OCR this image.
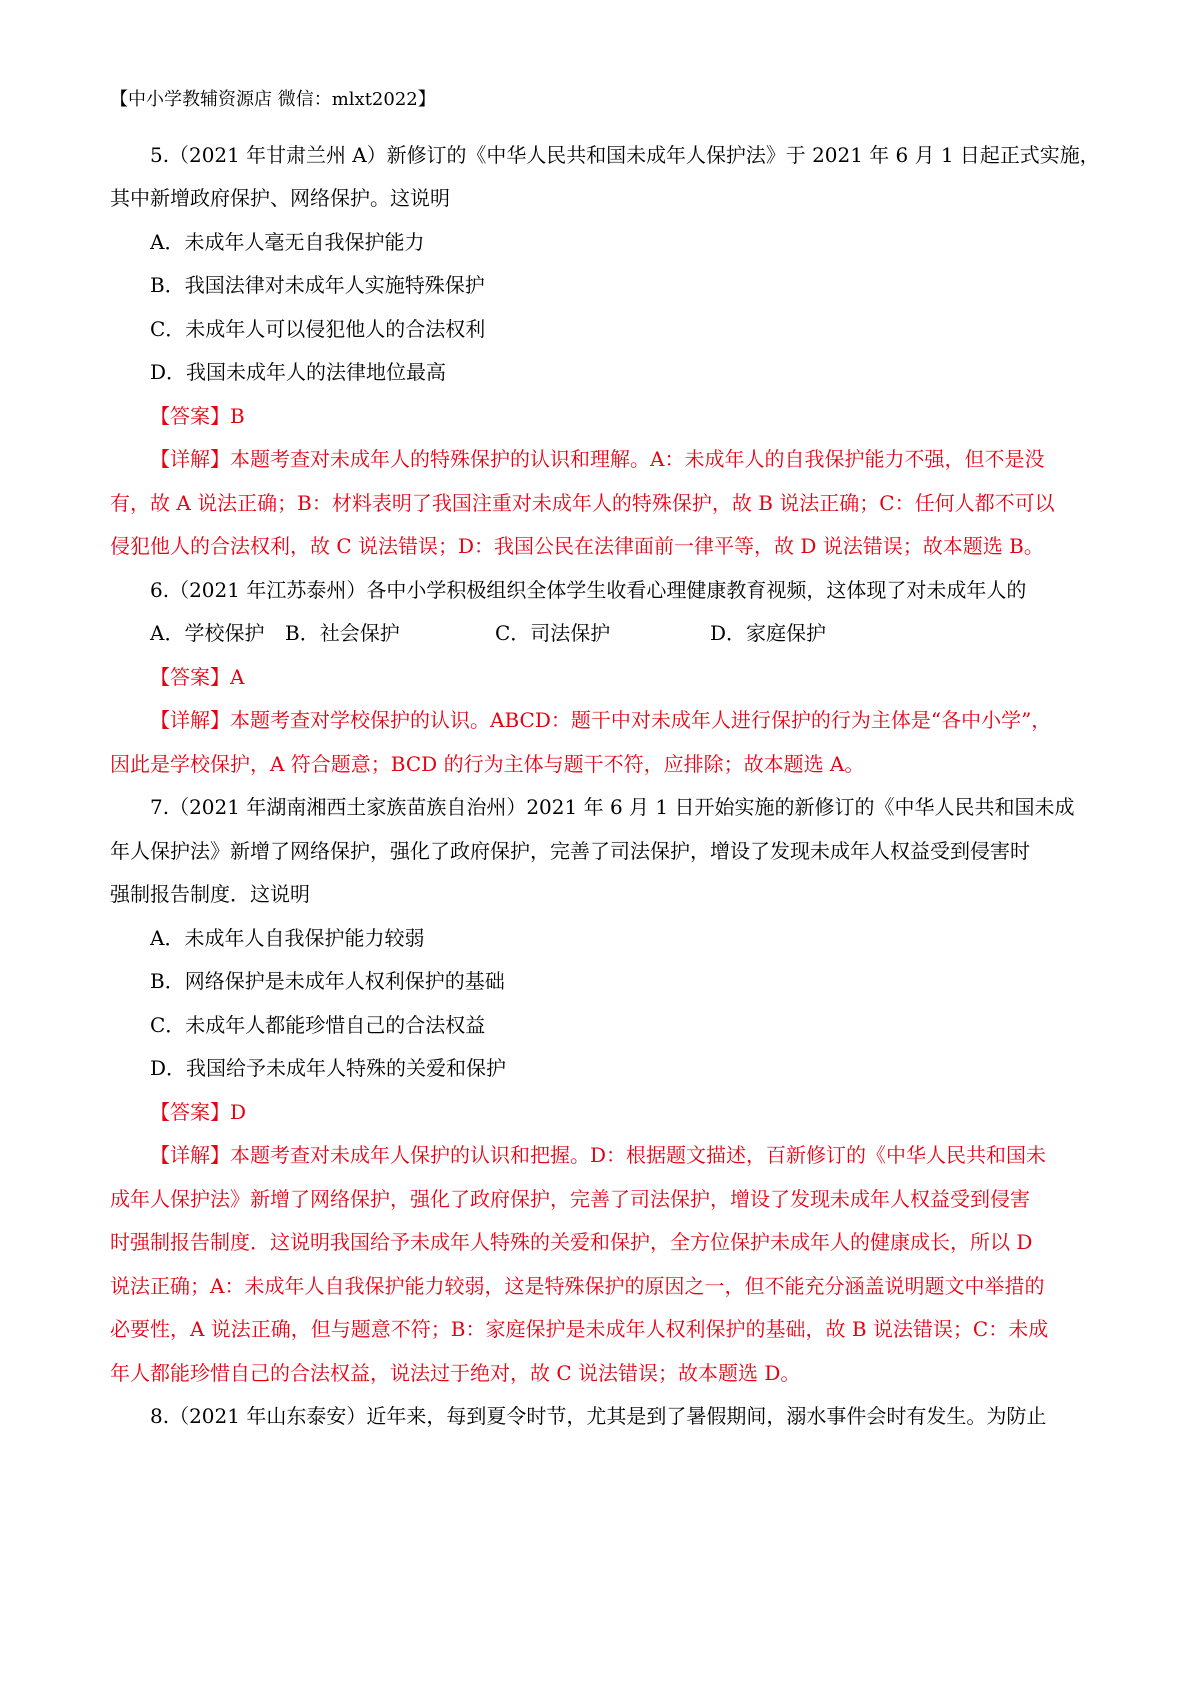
【中小学教辅资源店 微信：mlxt2022】
5.（2021 年甘肃兰州 A）新修订的《中华人民共和国未成年人保护法》于 2021 年 6 月 1 日起正式实施，
其中新增政府保护、网络保护。这说明
A．未成年人毫无自我保护能力
B．我国法律对未成年人实施特殊保护
C．未成年人可以侵犯他人的合法权利
D．我国未成年人的法律地位最高
【答案】B
【详解】本题考查对未成年人的特殊保护的认识和理解。A：未成年人的自我保护能力不强，但不是没
有，故 A 说法正确；B：材料表明了我国注重对未成年人的特殊保护，故 B 说法正确；C：任何人都不可以
侵犯他人的合法权利，故 C 说法错误；D：我国公民在法律面前一律平等，故 D 说法错误；故本题选 B。
6.（2021 年江苏泰州）各中小学积极组织全体学生收看心理健康教育视频，这体现了对未成年人的
A．学校保护	B．社会保护	C．司法保护	D．家庭保护
【答案】A
【详解】本题考查对学校保护的认识。ABCD：题干中对未成年人进行保护的行为主体是“各中小学”，
因此是学校保护，A 符合题意；BCD 的行为主体与题干不符，应排除；故本题选 A。
7.（2021 年湖南湘西土家族苗族自治州）2021 年 6 月 1 日开始实施的新修订的《中华人民共和国未成
年人保护法》新增了网络保护，强化了政府保护，完善了司法保护，增设了发现未成年人权益受到侵害时
强制报告制度．这说明
A．未成年人自我保护能力较弱
B．网络保护是未成年人权利保护的基础
C．未成年人都能珍惜自己的合法权益
D．我国给予未成年人特殊的关爱和保护
【答案】D
【详解】本题考查对未成年人保护的认识和把握。D：根据题文描述，百新修订的《中华人民共和国未
成年人保护法》新增了网络保护，强化了政府保护，完善了司法保护，增设了发现未成年人权益受到侵害
时强制报告制度．这说明我国给予未成年人特殊的关爱和保护，全方位保护未成年人的健康成长，所以 D
说法正确；A：未成年人自我保护能力较弱，这是特殊保护的原因之一，但不能充分涵盖说明题文中举措的
必要性，A 说法正确，但与题意不符；B：家庭保护是未成年人权利保护的基础，故 B 说法错误；C：未成
年人都能珍惜自己的合法权益，说法过于绝对，故 C 说法错误；故本题选 D。
8.（2021 年山东泰安）近年来，每到夏令时节，尤其是到了暑假期间，溺水事件会时有发生。为防止
